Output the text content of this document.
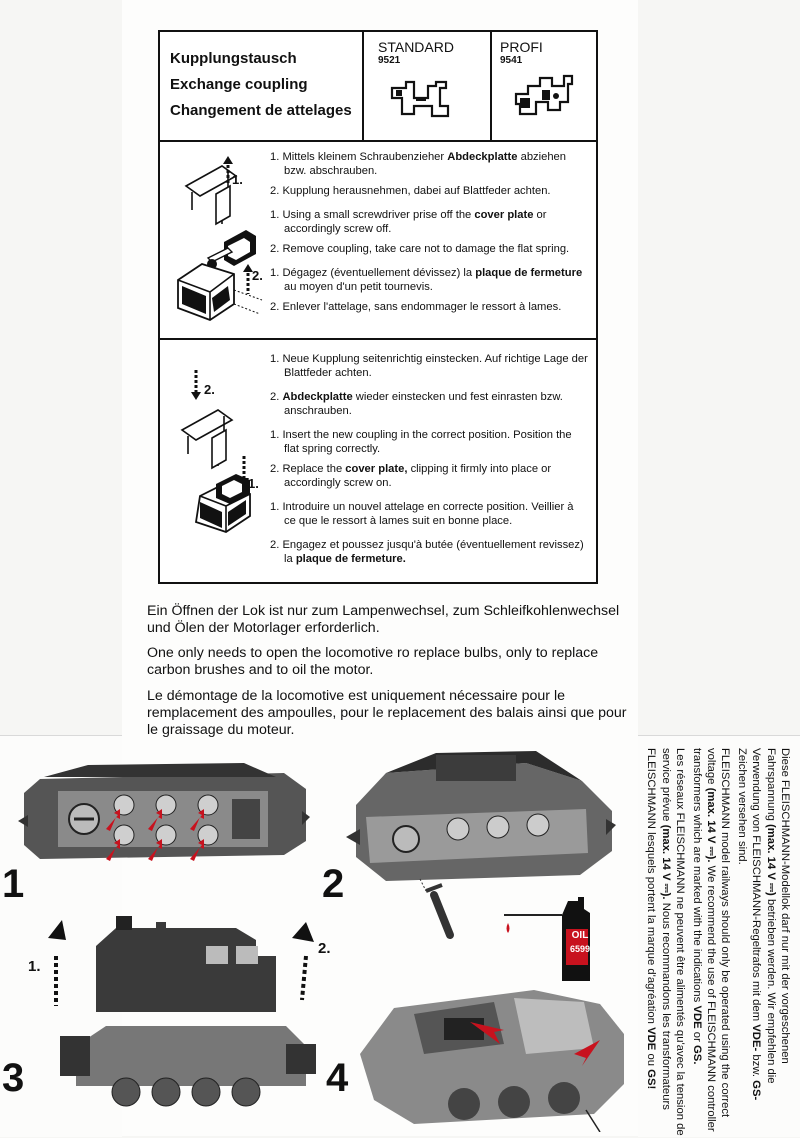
Kupplungstausch
Exchange coupling
Changement de attelages
STANDARD
9521
PROFI
9541
1.
2.

1. Mittels kleinem Schraubenzieher Abdeckplatte abziehen bzw. abschrauben.

2. Kupplung herausnehmen, dabei auf Blattfeder achten.

1. Using a small screwdriver prise off the cover plate or accordingly screw off.

2. Remove coupling, take care not to damage the flat spring.

1. Dégagez (éventuellement dévissez) la plaque de fermeture au moyen d'un petit tournevis.

2. Enlever l'attelage, sans endommager le ressort à lames.

2.
1.

1. Neue Kupplung seitenrichtig einstecken. Auf richtige Lage der Blattfeder achten.

2. Abdeckplatte wieder einstecken und fest einrasten bzw. anschrauben.

1. Insert the new coupling in the correct position. Position the flat spring correctly.

2. Replace the cover plate, clipping it firmly into place or accordingly screw on.

1. Introduire un nouvel attelage en correcte position. Veillier à ce que le ressort à lames suit en bonne place.

2. Engagez et poussez jusqu'à butée (éventuellement revissez) la plaque de fermeture.

Ein Öffnen der Lok ist nur zum Lampenwechsel, zum Schleifkohlenwechsel und Ölen der Motorlager erforderlich.
One only needs to open the locomotive ro replace bulbs, only to replace carbon brushes and to oil the motor.
Le démontage de la locomotive est uniquement nécessaire pour le remplacement des ampoulles, pour le replacement des balais ainsi que pour le graissage du moteur.
1	2
3	4
OIL
6599
1.
2.	Diese FLEISCHMANN-Modellok darf nur mit der vorgeschenen Fahrspannung (max. 14 V ⎓) betrieben werden. Wir empfehlen die Verwendung von FLEISCHMANN-Regeltrafos mit dem VDE- bzw. GS-Zeichen versehen sind.

FLEISCHMANN model railways should only be operated using the correct voltage (max. 14 V ⎓). We recommend the use of FLEISCHMANN controller transformers which are marked with the indications VDE or GS.

Les réseaux FLEISCHMANN ne peuvent être alimentés qu'avec la tension de service prévue (max. 14 V ⎓). Nous recommandons les transformateurs FLEISCHMANN lesquels portent la marque d'agréation VDE ou GS!
